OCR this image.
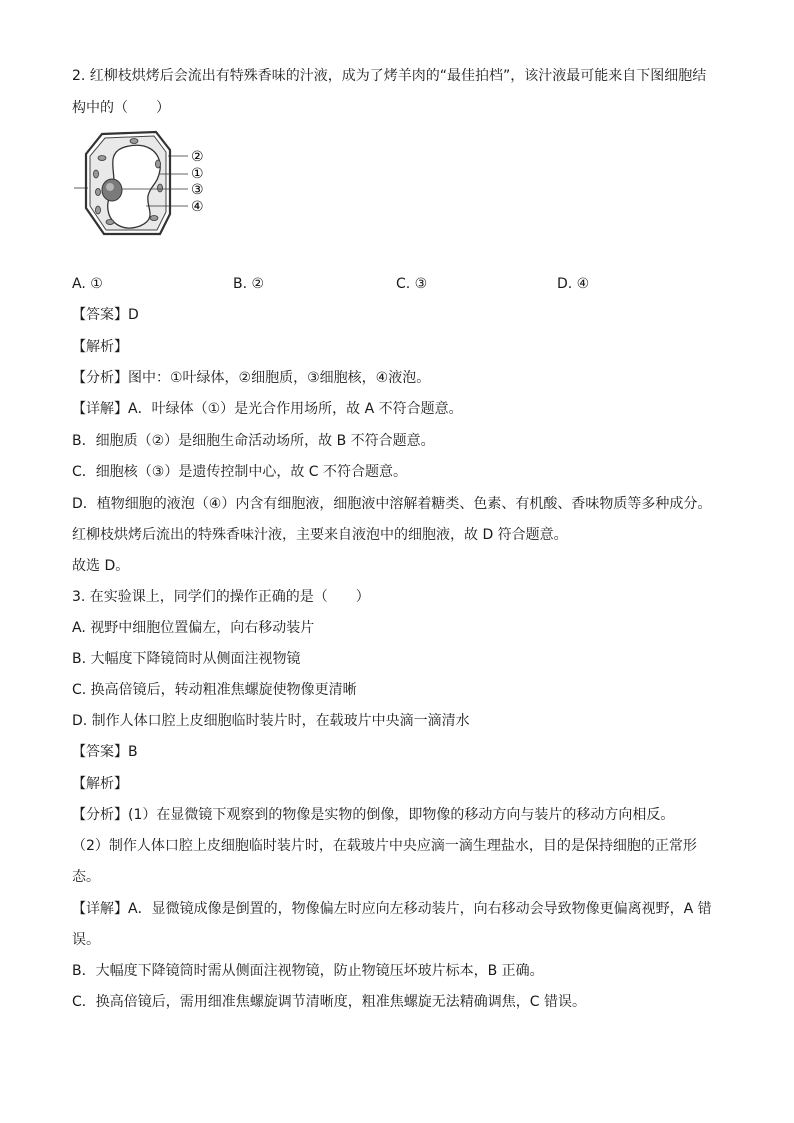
2. 红柳枝烘烤后会流出有特殊香味的汁液，成为了烤羊肉的“最佳拍档”，该汁液最可能来自下图细胞结
构中的（　　）
②
①
③
④
A. ①	B. ②	C. ③	D. ④
【答案】D
【解析】
【分析】图中：①叶绿体，②细胞质，③细胞核，④液泡。
【详解】A．叶绿体（①）是光合作用场所，故 A 不符合题意。
B．细胞质（②）是细胞生命活动场所，故 B 不符合题意。
C．细胞核（③）是遗传控制中心，故 C 不符合题意。
D．植物细胞的液泡（④）内含有细胞液，细胞液中溶解着糖类、色素、有机酸、香味物质等多种成分。
红柳枝烘烤后流出的特殊香味汁液，主要来自液泡中的细胞液，故 D 符合题意。
故选 D。
3. 在实验课上，同学们的操作正确的是（　　）
A. 视野中细胞位置偏左，向右移动装片
B. 大幅度下降镜筒时从侧面注视物镜
C. 换高倍镜后，转动粗准焦螺旋使物像更清晰
D. 制作人体口腔上皮细胞临时装片时，在载玻片中央滴一滴清水
【答案】B
【解析】
【分析】(1）在显微镜下观察到的物像是实物的倒像，即物像的移动方向与装片的移动方向相反。
（2）制作人体口腔上皮细胞临时装片时，在载玻片中央应滴一滴生理盐水，目的是保持细胞的正常形
态。
【详解】A．显微镜成像是倒置的，物像偏左时应向左移动装片，向右移动会导致物像更偏离视野，A 错
误。
B．大幅度下降镜筒时需从侧面注视物镜，防止物镜压坏玻片标本，B 正确。
C．换高倍镜后，需用细准焦螺旋调节清晰度，粗准焦螺旋无法精确调焦，C 错误。
